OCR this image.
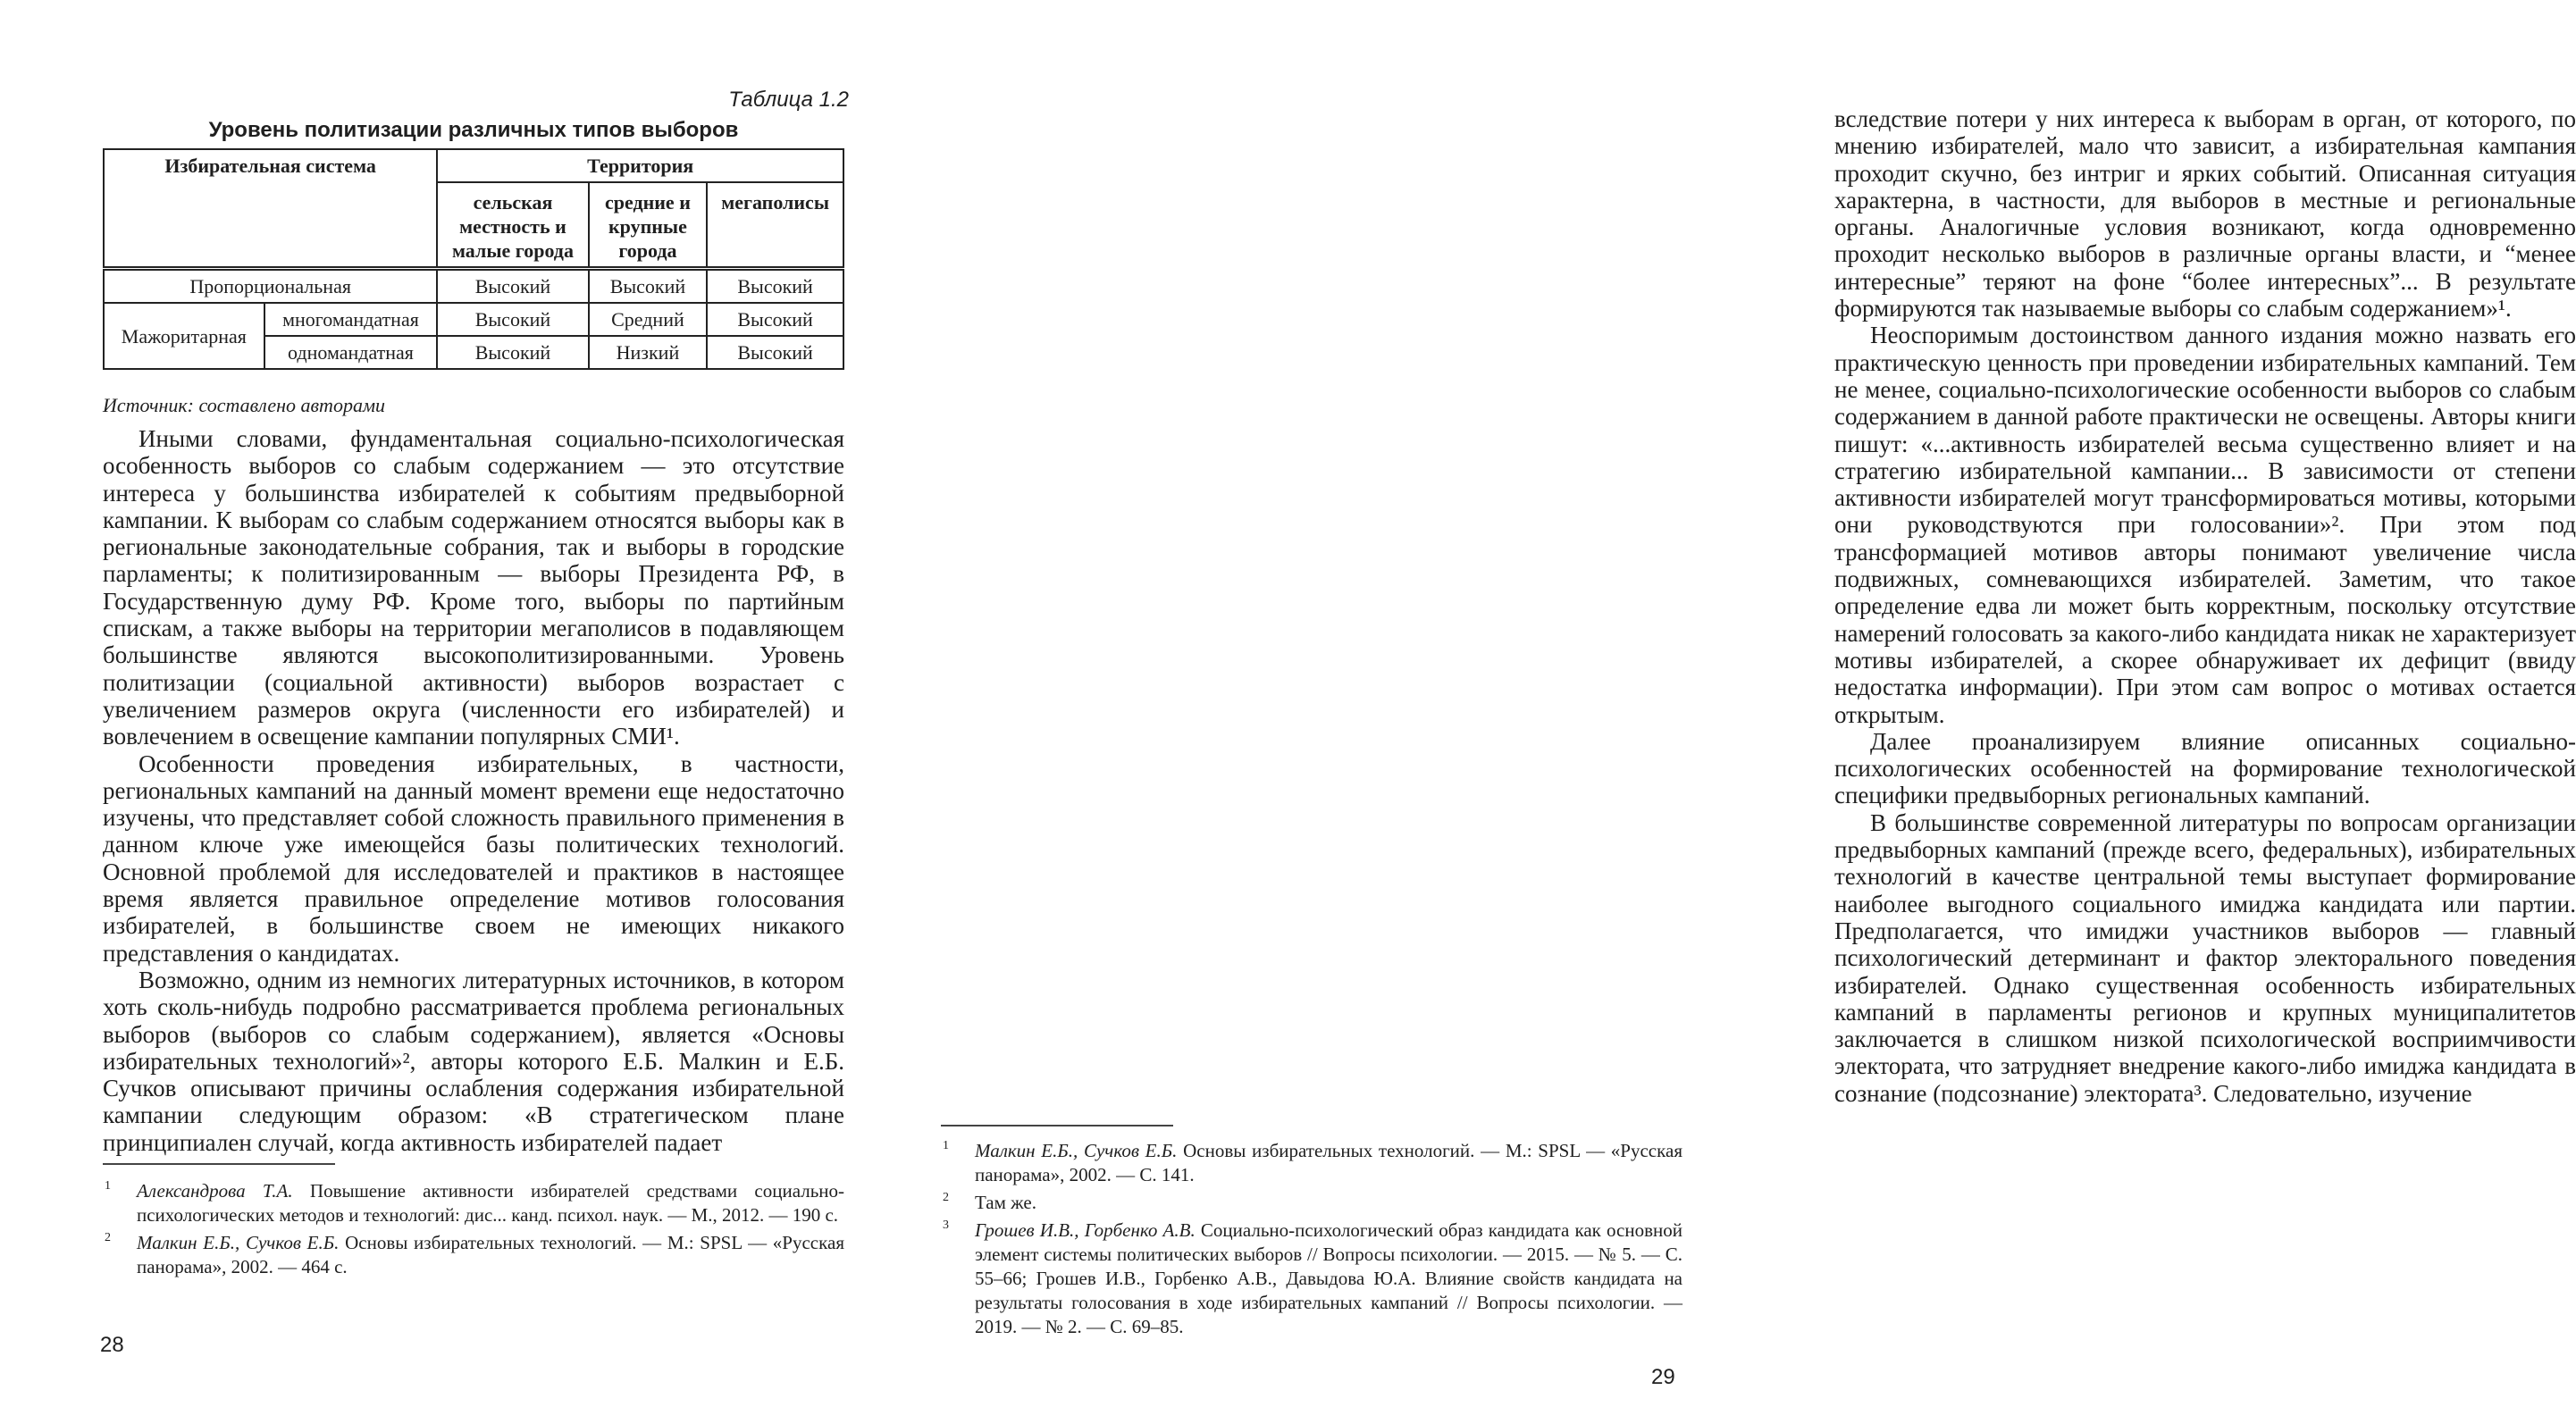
Таблица 1.2
Уровень политизации различных типов выборов
Избирательная система		Территория		
		сельская местность и малые города	средние и крупные города	мегаполисы
Пропорциональная		Высокий	Высокий	Высокий
Мажоритарная	многомандатная	Высокий	Средний	Высокий
	одномандатная	Высокий	Низкий	Высокий
Источник: составлено авторами

Иными словами, фундаментальная социально-психологическая особенность выборов со слабым содержанием — это отсутствие интереса у большинства избирателей к событиям предвыборной кампании. К выборам со слабым содержанием относятся выборы как в региональные законодательные собрания, так и выборы в городские парламенты; к политизированным — выборы Президента РФ, в Государственную думу РФ. Кроме того, выборы по партийным спискам, а также выборы на территории мегаполисов в подавляющем большинстве являются высокополитизированными. Уровень политизации (социальной активности) выборов возрастает с увеличением размеров округа (численности его избирателей) и вовлечением в освещение кампании популярных СМИ¹.

Особенности проведения избирательных, в частности, региональных кампаний на данный момент времени еще недостаточно изучены, что представляет собой сложность правильного применения в данном ключе уже имеющейся базы политических технологий. Основной проблемой для исследователей и практиков в настоящее время является правильное определение мотивов голосования избирателей, в большинстве своем не имеющих никакого представления о кандидатах.

Возможно, одним из немногих литературных источников, в котором хоть сколь-нибудь подробно рассматривается проблема региональных выборов (выборов со слабым содержанием), является «Основы избирательных технологий»², авторы которого Е.Б. Малкин и Е.Б. Сучков описывают причины ослабления содержания избирательной кампании следующим образом: «В стратегическом плане принципиален случай, когда активность избирателей падает

1 Александрова Т.А. Повышение активности избирателей средствами социально-психологических методов и технологий: дис... канд. психол. наук. — М., 2012. — 190 с.
2 Малкин Е.Б., Сучков Е.Б. Основы избирательных технологий. — М.: SPSL — «Русская панорама», 2002. — 464 с.
28

вследствие потери у них интереса к выборам в орган, от которого, по мнению избирателей, мало что зависит, а избирательная кампания проходит скучно, без интриг и ярких событий. Описанная ситуация характерна, в частности, для выборов в местные и региональные органы. Аналогичные условия возникают, когда одновременно проходит несколько выборов в различные органы власти, и “менее интересные” теряют на фоне “более интересных”... В результате формируются так называемые выборы со слабым содержанием»¹.

Неоспоримым достоинством данного издания можно назвать его практическую ценность при проведении избирательных кампаний. Тем не менее, социально-психологические особенности выборов со слабым содержанием в данной работе практически не освещены. Авторы книги пишут: «...активность избирателей весьма существенно влияет и на стратегию избирательной кампании... В зависимости от степени активности избирателей могут трансформироваться мотивы, которыми они руководствуются при голосовании»². При этом под трансформацией мотивов авторы понимают увеличение числа подвижных, сомневающихся избирателей. Заметим, что такое определение едва ли может быть корректным, поскольку отсутствие намерений голосовать за какого-либо кандидата никак не характеризует мотивы избирателей, а скорее обнаруживает их дефицит (ввиду недостатка информации). При этом сам вопрос о мотивах остается открытым.

Далее проанализируем влияние описанных социально-психологических особенностей на формирование технологической специфики предвыборных региональных кампаний.

В большинстве современной литературы по вопросам организации предвыборных кампаний (прежде всего, федеральных), избирательных технологий в качестве центральной темы выступает формирование наиболее выгодного социального имиджа кандидата или партии. Предполагается, что имиджи участников выборов — главный психологический детерминант и фактор электорального поведения избирателей. Однако существенная особенность избирательных кампаний в парламенты регионов и крупных муниципалитетов заключается в слишком низкой психологической восприимчивости электората, что затрудняет внедрение какого-либо имиджа кандидата в сознание (подсознание) электората³. Следовательно, изучение

1 Малкин Е.Б., Сучков Е.Б. Основы избирательных технологий. — М.: SPSL — «Русская панорама», 2002. — С. 141.
2 Там же.
3 Грошев И.В., Горбенко А.В. Социально-психологический образ кандидата как основной элемент системы политических выборов // Вопросы психологии. — 2015. — № 5. — С. 55–66; Грошев И.В., Горбенко А.В., Давыдова Ю.А. Влияние свойств кандидата на результаты голосования в ходе избирательных кампаний // Вопросы психологии. — 2019. — № 2. — С. 69–85.
29
